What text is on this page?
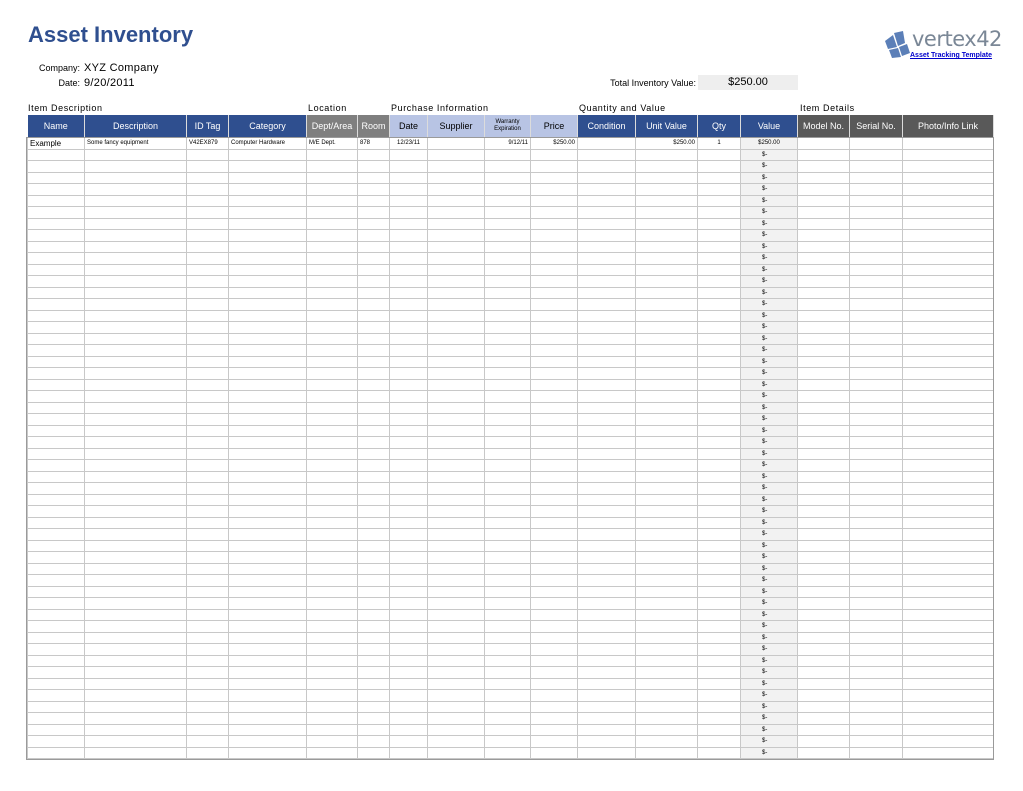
Asset Inventory
Company: XYZ Company
Date: 9/20/2011	Total Inventory Value:	$250.00
vertex42
Asset Tracking Template
Item Description	Location	Purchase Information	Quantity and Value	Item Details
Name	Description	ID Tag	Category	Dept/Area	Room	Date	Supplier	Warranty Expiration	Price	Condition	Unit Value	Qty	Value	Model No.	Serial No.	Photo/Info Link
Example	Some fancy equipment	V42EX879	Computer Hardware	M/E Dept.	878	12/23/11		9/12/11	$250.00		$250.00	1	$250.00			
													$-			
													$-			
													$-			
													$-			
													$-			
													$-			
													$-			
													$-			
													$-			
													$-			
													$-			
													$-			
													$-			
													$-			
													$-			
													$-			
													$-			
													$-			
													$-			
													$-			
													$-			
													$-			
													$-			
													$-			
													$-			
													$-			
													$-			
													$-			
													$-			
													$-			
													$-			
													$-			
													$-			
													$-			
													$-			
													$-			
													$-			
													$-			
													$-			
													$-			
													$-			
													$-			
													$-			
													$-			
													$-			
													$-			
													$-			
													$-			
													$-			
													$-			
													$-			
													$-			
													$-			
